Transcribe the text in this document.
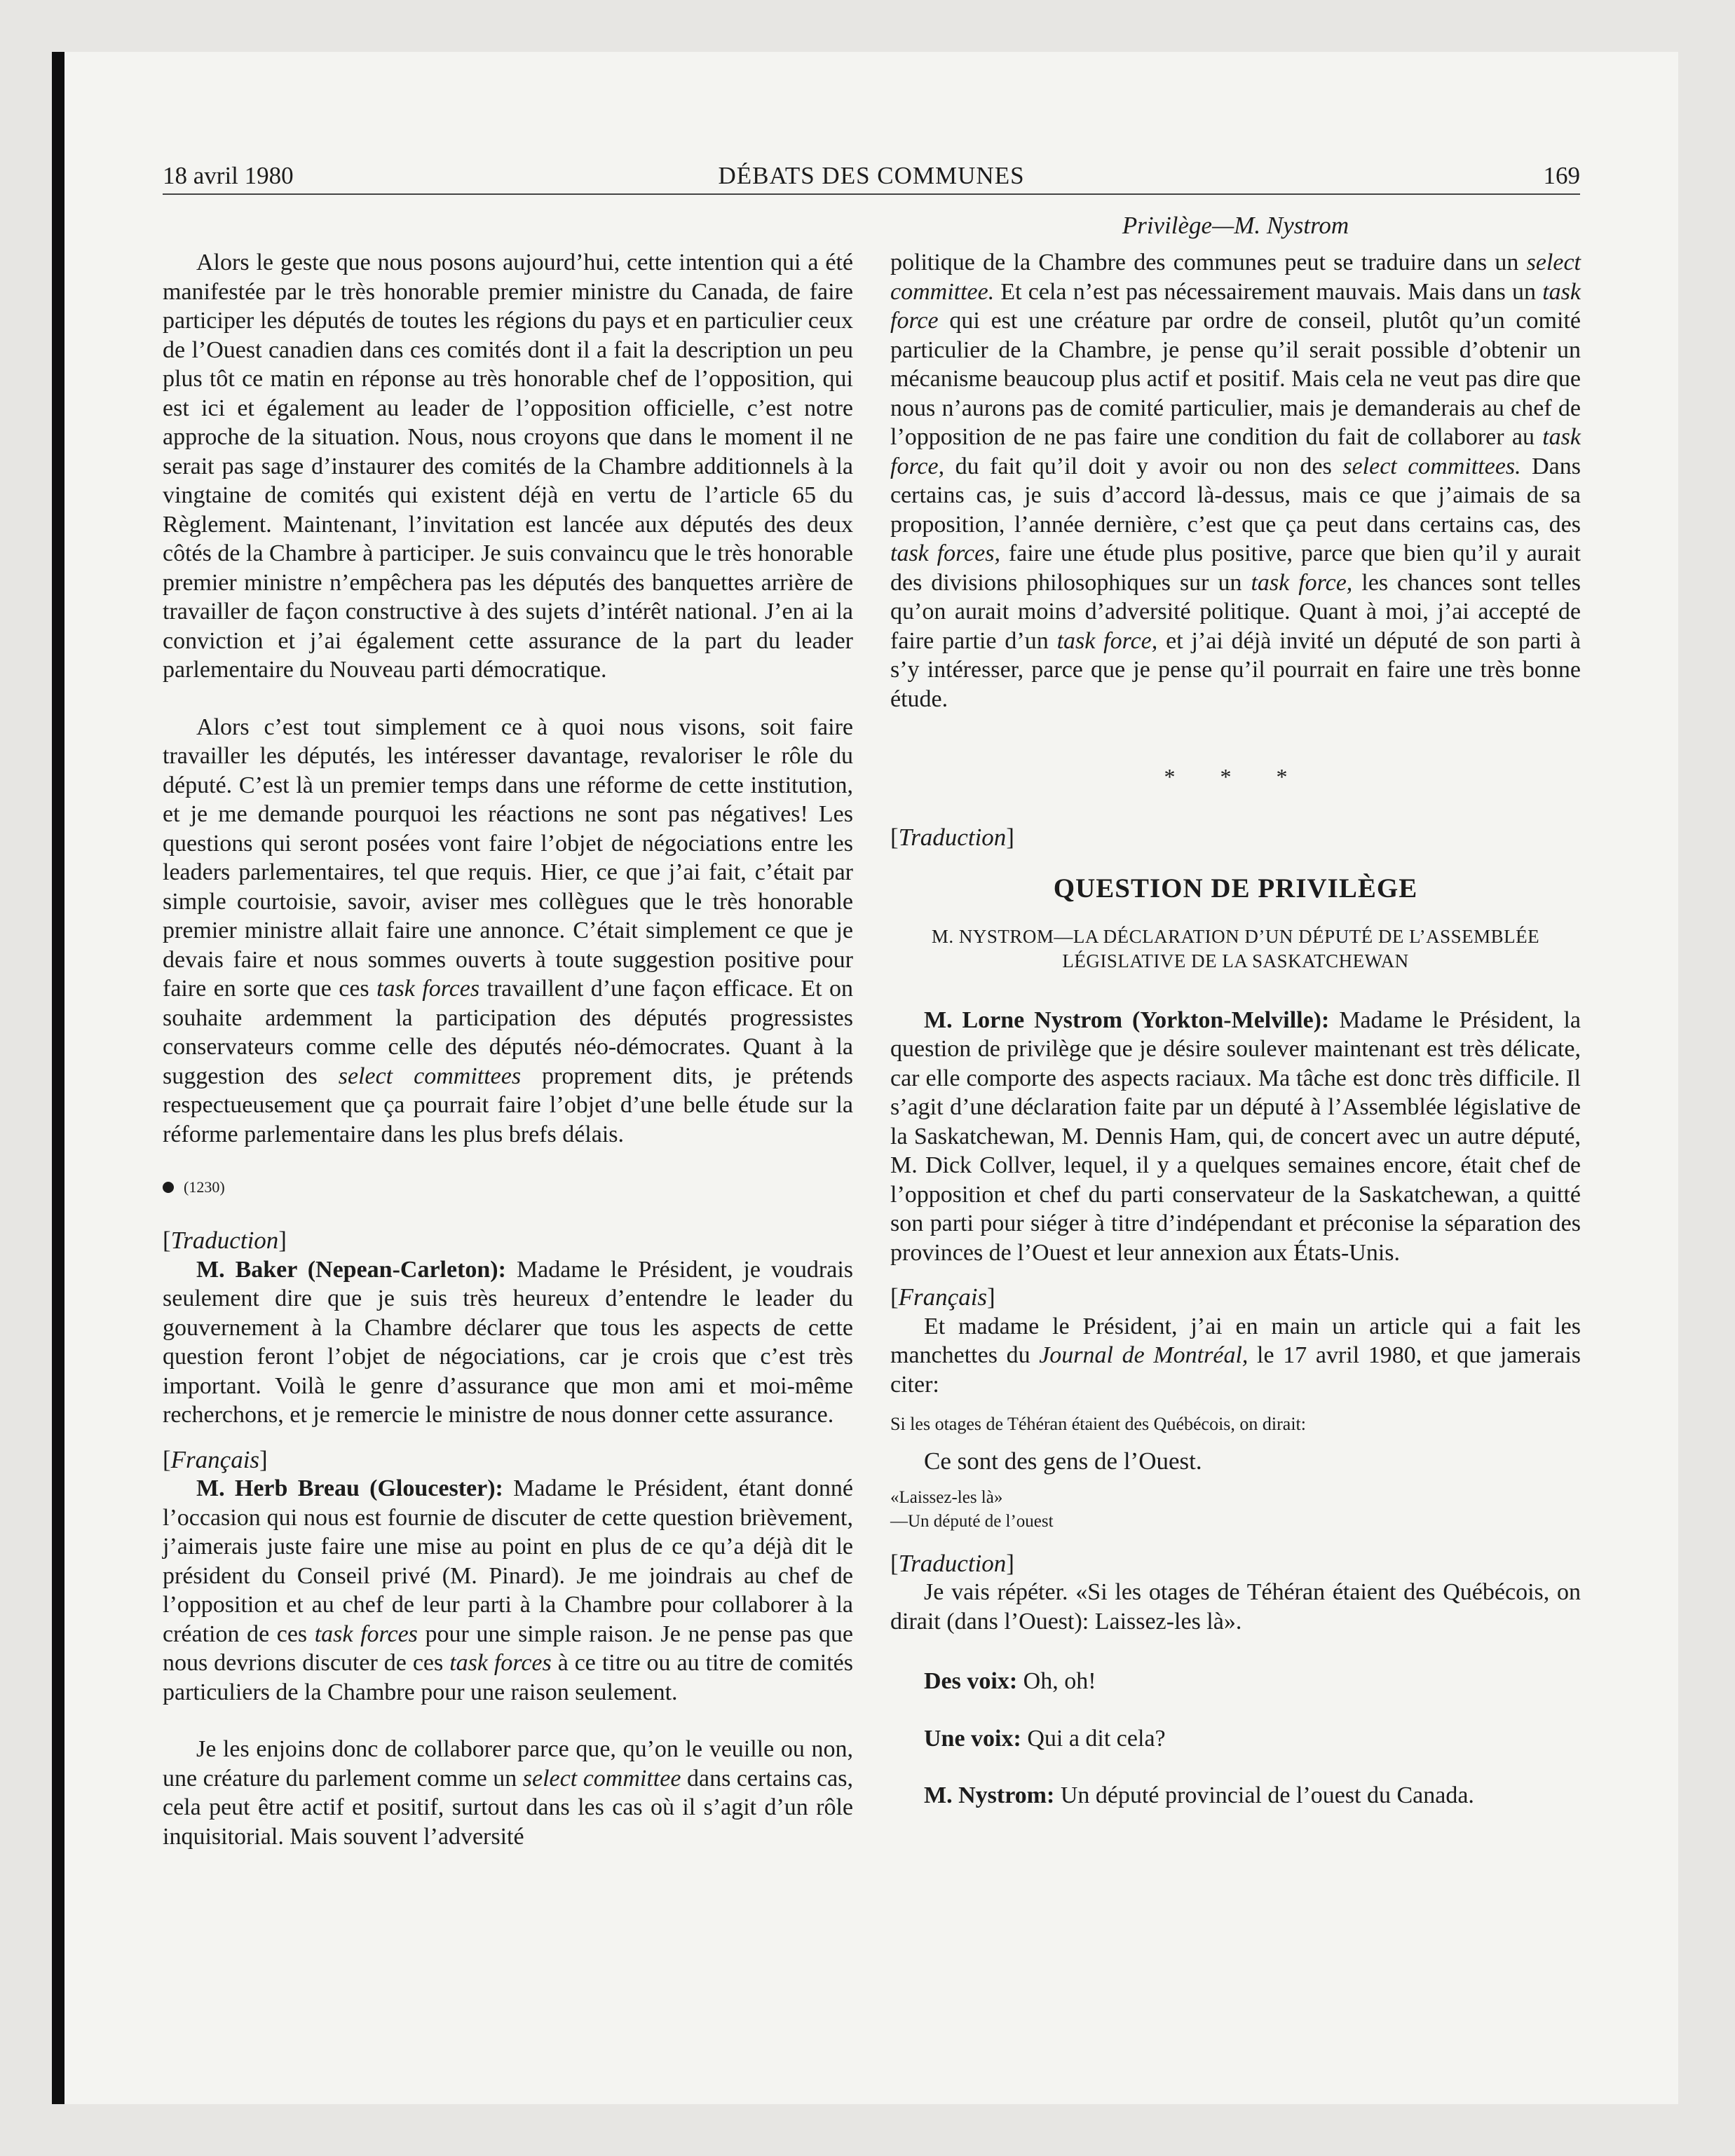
18 avril 1980	DÉBATS DES COMMUNES	169
Privilège—M. Nystrom

Alors le geste que nous posons aujourd’hui, cette intention qui a été manifestée par le très honorable premier ministre du Canada, de faire participer les députés de toutes les régions du pays et en particulier ceux de l’Ouest canadien dans ces comités dont il a fait la description un peu plus tôt ce matin en réponse au très honorable chef de l’opposition, qui est ici et également au leader de l’opposition officielle, c’est notre approche de la situation. Nous, nous croyons que dans le moment il ne serait pas sage d’instaurer des comités de la Chambre additionnels à la vingtaine de comités qui existent déjà en vertu de l’article 65 du Règlement. Maintenant, l’invitation est lancée aux députés des deux côtés de la Chambre à participer. Je suis convaincu que le très honorable premier ministre n’empêchera pas les députés des banquettes arrière de travailler de façon constructive à des sujets d’intérêt national. J’en ai la conviction et j’ai également cette assurance de la part du leader parlementaire du Nouveau parti démocratique.

Alors c’est tout simplement ce à quoi nous visons, soit faire travailler les députés, les intéresser davantage, revaloriser le rôle du député. C’est là un premier temps dans une réforme de cette institution, et je me demande pourquoi les réactions ne sont pas négatives! Les questions qui seront posées vont faire l’objet de négociations entre les leaders parlementaires, tel que requis. Hier, ce que j’ai fait, c’était par simple courtoisie, savoir, aviser mes collègues que le très honorable premier ministre allait faire une annonce. C’était simplement ce que je devais faire et nous sommes ouverts à toute suggestion positive pour faire en sorte que ces task forces travaillent d’une façon efficace. Et on souhaite ardemment la participation des députés progressistes conservateurs comme celle des députés néo-démocrates. Quant à la suggestion des select committees proprement dits, je prétends respectueusement que ça pourrait faire l’objet d’une belle étude sur la réforme parlementaire dans les plus brefs délais.

(1230)

[Traduction]

M. Baker (Nepean-Carleton): Madame le Président, je voudrais seulement dire que je suis très heureux d’entendre le leader du gouvernement à la Chambre déclarer que tous les aspects de cette question feront l’objet de négociations, car je crois que c’est très important. Voilà le genre d’assurance que mon ami et moi-même recherchons, et je remercie le ministre de nous donner cette assurance.

[Français]

M. Herb Breau (Gloucester): Madame le Président, étant donné l’occasion qui nous est fournie de discuter de cette question brièvement, j’aimerais juste faire une mise au point en plus de ce qu’a déjà dit le président du Conseil privé (M. Pinard). Je me joindrais au chef de l’opposition et au chef de leur parti à la Chambre pour collaborer à la création de ces task forces pour une simple raison. Je ne pense pas que nous devrions discuter de ces task forces à ce titre ou au titre de comités particuliers de la Chambre pour une raison seulement.

Je les enjoins donc de collaborer parce que, qu’on le veuille ou non, une créature du parlement comme un select committee dans certains cas, cela peut être actif et positif, surtout dans les cas où il s’agit d’un rôle inquisitorial. Mais souvent l’adversité

politique de la Chambre des communes peut se traduire dans un select committee. Et cela n’est pas nécessairement mauvais. Mais dans un task force qui est une créature par ordre de conseil, plutôt qu’un comité particulier de la Chambre, je pense qu’il serait possible d’obtenir un mécanisme beaucoup plus actif et positif. Mais cela ne veut pas dire que nous n’aurons pas de comité particulier, mais je demanderais au chef de l’opposition de ne pas faire une condition du fait de collaborer au task force, du fait qu’il doit y avoir ou non des select committees. Dans certains cas, je suis d’accord là-dessus, mais ce que j’aimais de sa proposition, l’année dernière, c’est que ça peut dans certains cas, des task forces, faire une étude plus positive, parce que bien qu’il y aurait des divisions philosophiques sur un task force, les chances sont telles qu’on aurait moins d’adversité politique. Quant à moi, j’ai accepté de faire partie d’un task force, et j’ai déjà invité un député de son parti à s’y intéresser, parce que je pense qu’il pourrait en faire une très bonne étude.

* * *

[Traduction]

QUESTION DE PRIVILÈGE

M. NYSTROM—LA DÉCLARATION D’UN DÉPUTÉ DE L’ASSEMBLÉE LÉGISLATIVE DE LA SASKATCHEWAN

M. Lorne Nystrom (Yorkton-Melville): Madame le Président, la question de privilège que je désire soulever maintenant est très délicate, car elle comporte des aspects raciaux. Ma tâche est donc très difficile. Il s’agit d’une déclaration faite par un député à l’Assemblée législative de la Saskatchewan, M. Dennis Ham, qui, de concert avec un autre député, M. Dick Collver, lequel, il y a quelques semaines encore, était chef de l’opposition et chef du parti conservateur de la Saskatchewan, a quitté son parti pour siéger à titre d’indépendant et préconise la séparation des provinces de l’Ouest et leur annexion aux États-Unis.

[Français]

Et madame le Président, j’ai en main un article qui a fait les manchettes du Journal de Montréal, le 17 avril 1980, et que jamerais citer:

Si les otages de Téhéran étaient des Québécois, on dirait:

Ce sont des gens de l’Ouest.

«Laissez-les là»

—Un député de l’ouest

[Traduction]

Je vais répéter. «Si les otages de Téhéran étaient des Québécois, on dirait (dans l’Ouest): Laissez-les là».

Des voix: Oh, oh!

Une voix: Qui a dit cela?

M. Nystrom: Un député provincial de l’ouest du Canada.
